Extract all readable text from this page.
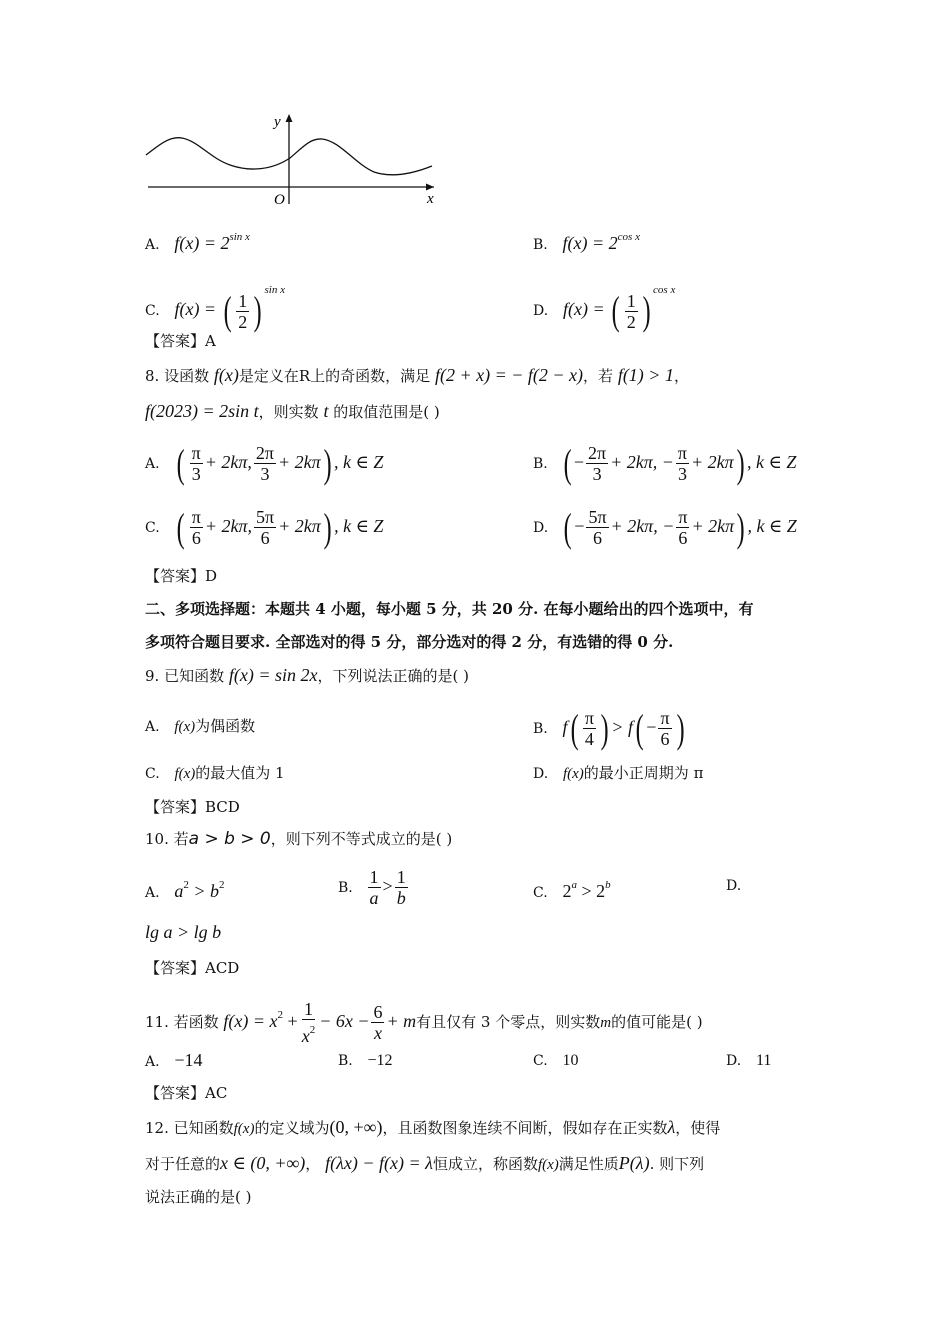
y
x
O
A. $f(x) = 2^{sin x}$	B. $f(x) = 2^{cos x}$
C. f(x) = ( $\frac{1}{2}$ ) $^{sin x}$
D. f(x) = ( $\frac{1}{2}$ ) $^{cos x}$
【答案】A
8. 设函数 f(x)是定义在R上的奇函数，满足 f(2 + x) = − f(2 − x)，若 f(1) > 1，
f(2023) = 2sin t，则实数 t 的取值范围是( )
A. ( $\frac{\pi}{3} + 2k\pi$, $\frac{2\pi}{3} + 2k\pi$) , k ∈ Z	B. ( − $\frac{2\pi}{3} + 2k\pi$, − $\frac{\pi}{3} + 2k\pi$) , k ∈ Z
C. ( $\frac{\pi}{6} + 2k\pi$, $\frac{5\pi}{6} + 2k\pi$) , k ∈ Z	D. ( − $\frac{5\pi}{6} + 2k\pi$, − $\frac{\pi}{6} + 2k\pi$) , k ∈ Z
【答案】D
二、多项选择题：本题共 4 小题，每小题 5 分，共 20 分. 在每小题给出的四个选项中，有
多项符合题目要求. 全部选对的得 5 分，部分选对的得 2 分，有选错的得 0 分.
9. 已知函数 f(x) = sin 2x，下列说法正确的是( )
A. f(x)为偶函数	B. $f( \frac{\pi}{4}$ ) > $f( - \frac{\pi}{6}$ )
C. f(x)的最大值为 1	D. f(x)的最小正周期为 π
【答案】BCD
10. 若a > b > 0，则下列不等式成立的是( )
A. $a^2 > b^2$	B. $\frac{1}{a} > \frac{1}{b}$	C. $2^a > 2^b$	D.
lg a > lg b
【答案】ACD
11. 若函数 $f(x) = x^2 + \frac{1}{x^2} - 6x - \frac{6}{x} + m$有且仅有 3 个零点，则实数m的值可能是( )
A. −14	B. −12	C. 10	D. 11
【答案】AC
12. 已知函数f(x)的定义域为(0, +∞)，且函数图象连续不间断，假如存在正实数λ，使得
对于任意的x ∈ (0, +∞)， f(λx) − f(x) = λ恒成立，称函数f(x)满足性质P(λ). 则下列
说法正确的是( )
